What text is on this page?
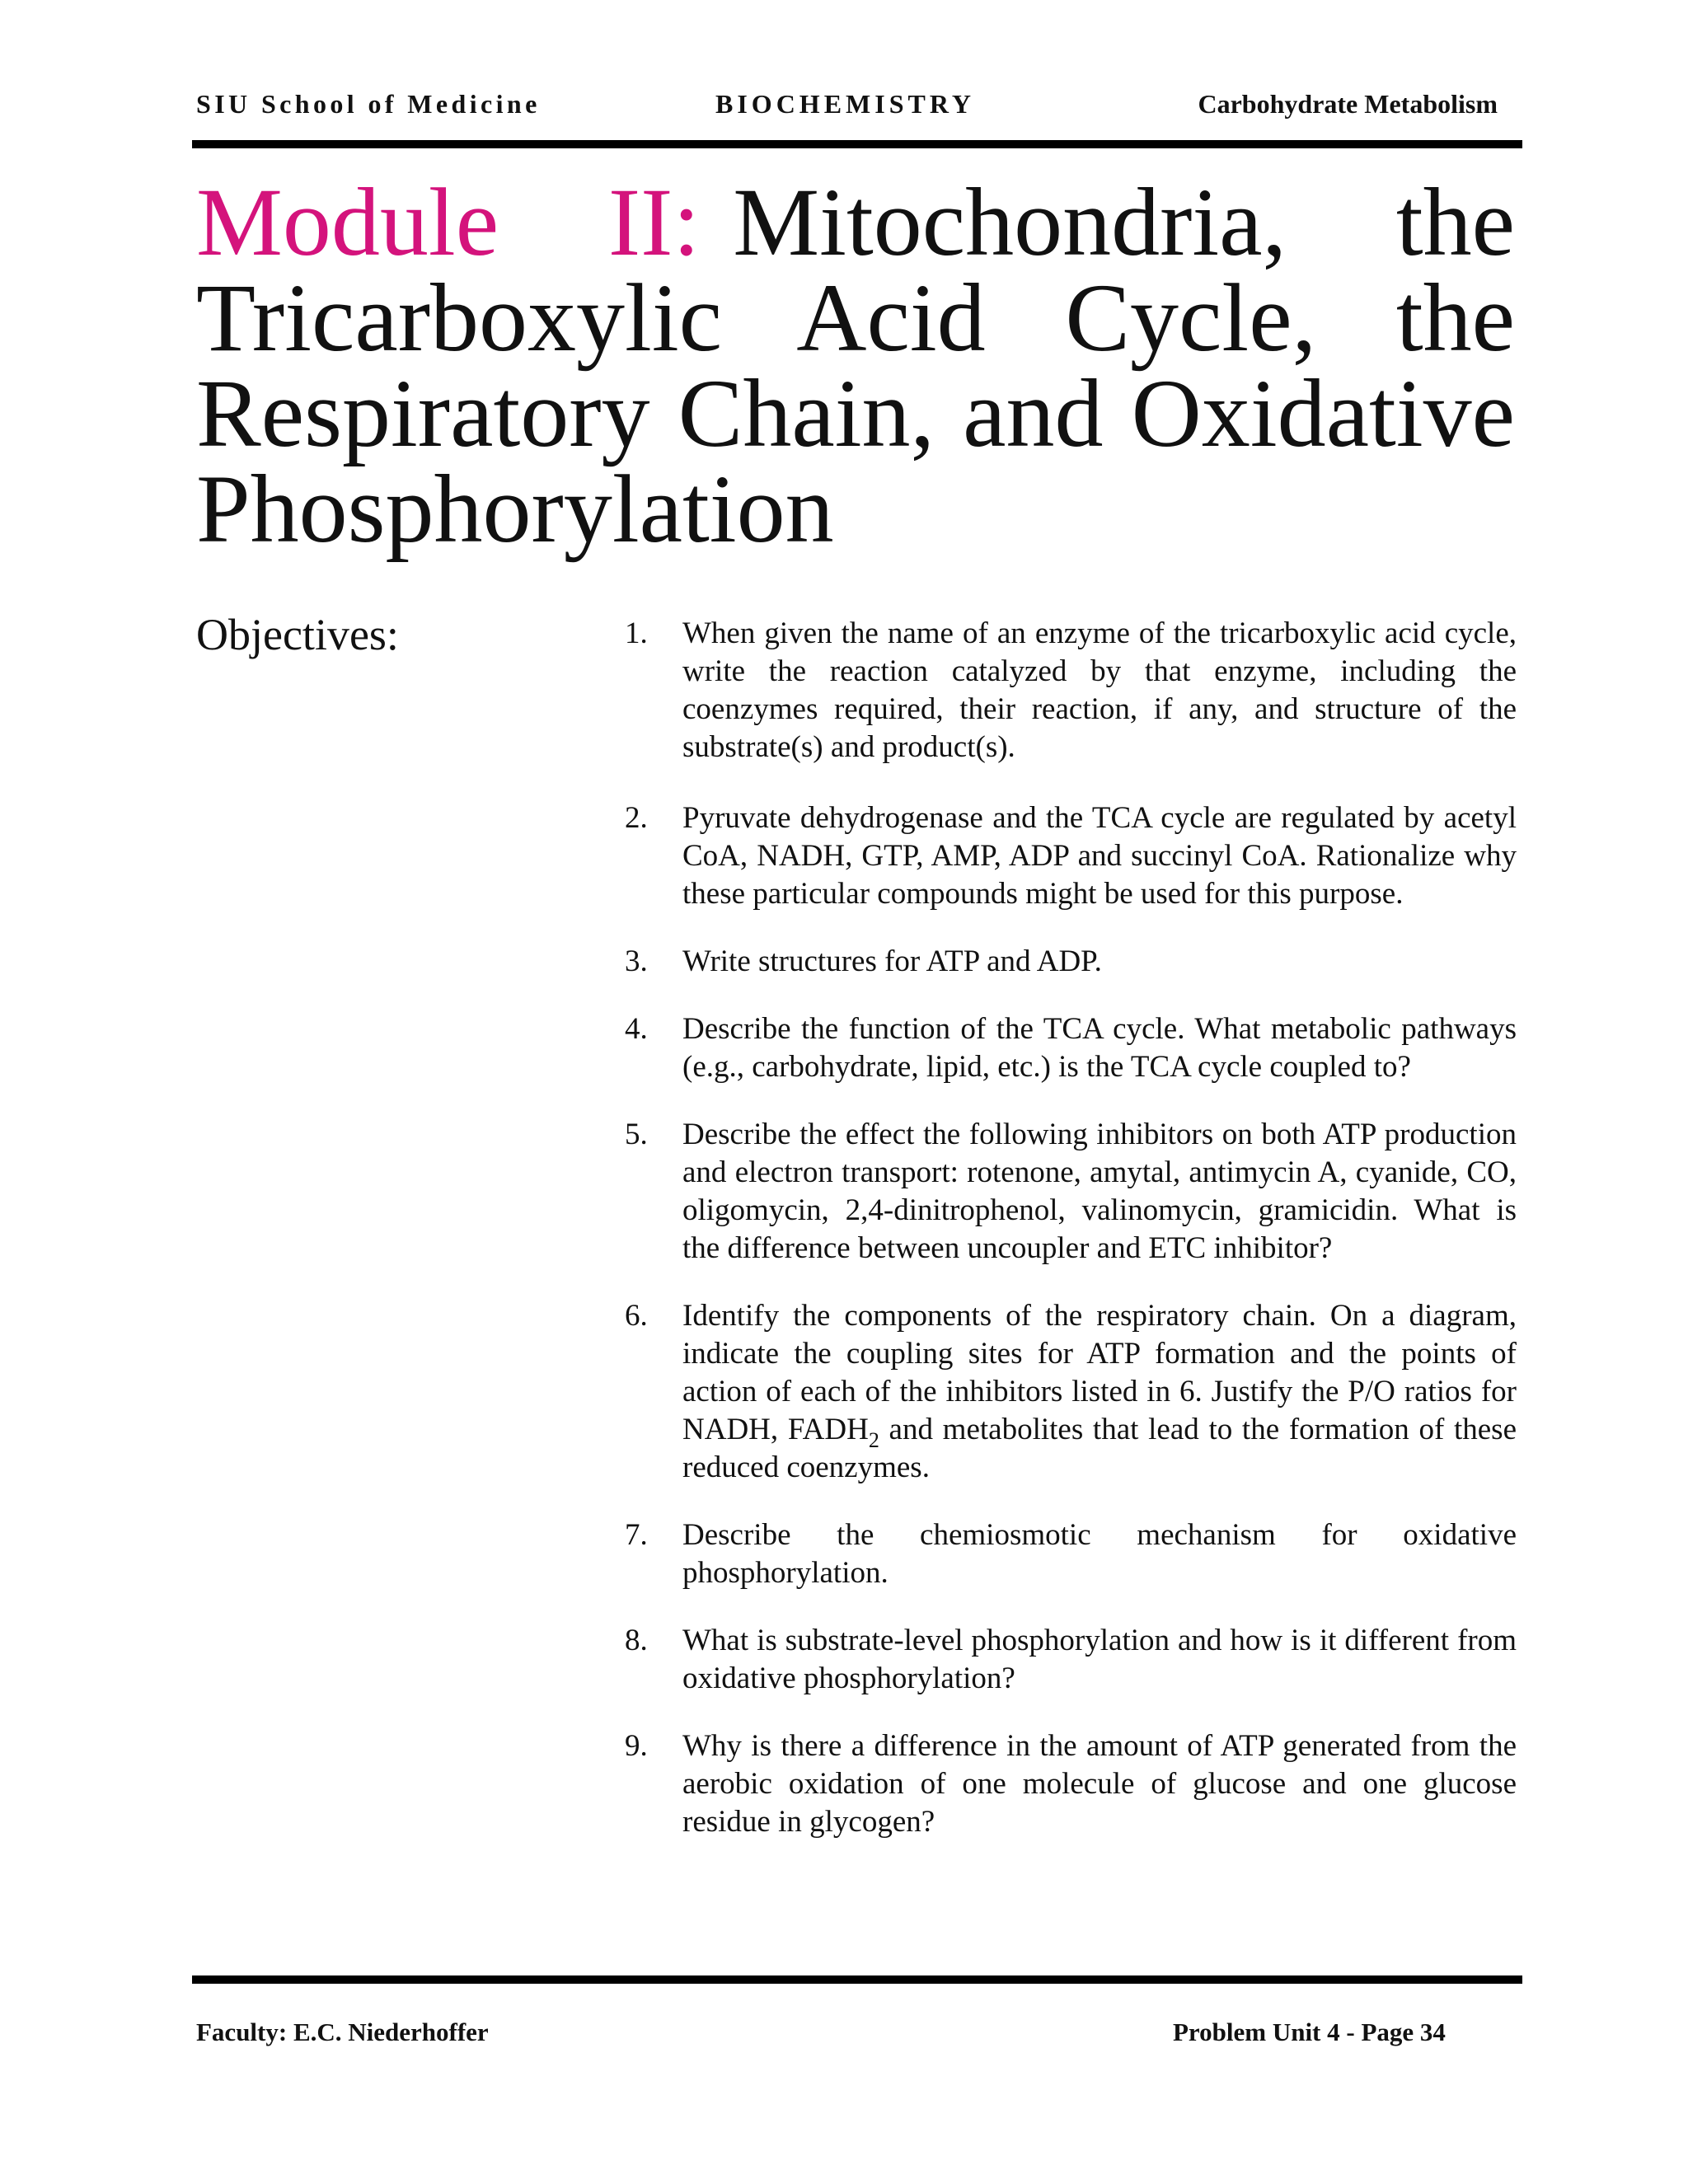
SIU School of Medicine	BIOCHEMISTRY	Carbohydrate Metabolism
Module II: Mitochondria, the Tricarboxylic Acid Cycle, the Respiratory Chain, and Oxidative Phosphorylation
Objectives:	1. When given the name of an enzyme of the tricarboxylic acid cycle, write the reaction catalyzed by that enzyme, including the coenzymes required, their reaction, if any, and structure of the substrate(s) and product(s).
2. Pyruvate dehydrogenase and the TCA cycle are regulated by acetyl CoA, NADH, GTP, AMP, ADP and succinyl CoA. Rationalize why these particular compounds might be used for this purpose.
3. Write structures for ATP and ADP.
4. Describe the function of the TCA cycle. What metabolic pathways (e.g., carbohydrate, lipid, etc.) is the TCA cycle coupled to?
5. Describe the effect the following inhibitors on both ATP production and electron transport: rotenone, amytal, antimycin A, cyanide, CO, oligomycin, 2,4-dinitrophenol, valinomycin, gramicidin. What is the difference between uncoupler and ETC inhibitor?
6. Identify the components of the respiratory chain. On a diagram, indicate the coupling sites for ATP formation and the points of action of each of the inhibitors listed in 6. Justify the P/O ratios for NADH, $FADH_2$ and metabolites that lead to the formation of these reduced coenzymes.
7. Describe the chemiosmotic mechanism for oxidative phosphorylation.
8. What is substrate-level phosphorylation and how is it different from oxidative phosphorylation?
9. Why is there a difference in the amount of ATP generated from the aerobic oxidation of one molecule of glucose and one glucose residue in glycogen?
Faculty: E.C. Niederhoffer	Problem Unit 4 - Page 34
